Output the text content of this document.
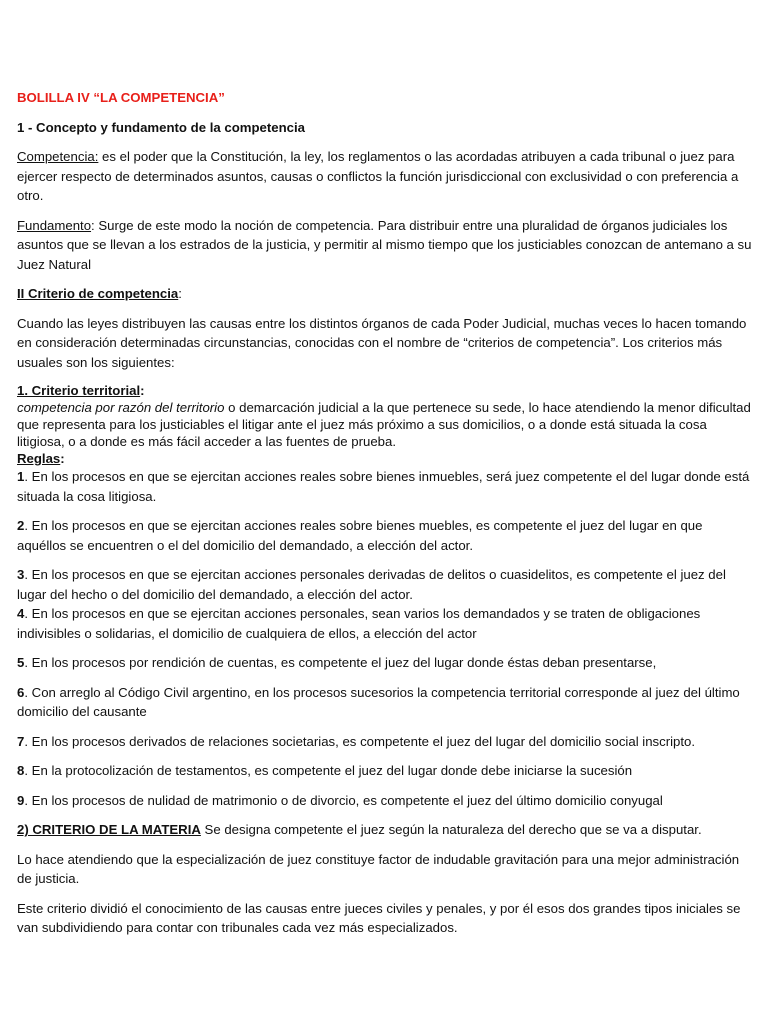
BOLILLA IV “LA COMPETENCIA”

1 - Concepto y fundamento de la competencia

Competencia: es el poder que la Constitución, la ley, los reglamentos o las acordadas atribuyen a cada tribunal o juez para ejercer respecto de determinados asuntos, causas o conflictos la función jurisdiccional con exclusividad o con preferencia a otro.

Fundamento: Surge de este modo la noción de competencia. Para distribuir entre una pluralidad de órganos judiciales los asuntos que se llevan a los estrados de la justicia, y permitir al mismo tiempo que los justiciables conozcan de antemano a su Juez Natural

II Criterio de competencia:

Cuando las leyes distribuyen las causas entre los distintos órganos de cada Poder Judicial, muchas veces lo hacen tomando en consideración determinadas circunstancias, conocidas con el nombre de “criterios de competencia”. Los criterios más usuales son los siguientes:

1. Criterio territorial:

competencia por razón del territorio o demarcación judicial a la que pertenece su sede, lo hace atendiendo la menor dificultad que representa para los justiciables el litigar ante el juez más próximo a sus domicilios, o a donde está situada la cosa litigiosa, o a donde es más fácil acceder a las fuentes de prueba.

Reglas:

1. En los procesos en que se ejercitan acciones reales sobre bienes inmuebles, será juez competente el del lugar donde está situada la cosa litigiosa.

2. En los procesos en que se ejercitan acciones reales sobre bienes muebles, es competente el juez del lugar en que aquéllos se encuentren o el del domicilio del demandado, a elección del actor.

3. En los procesos en que se ejercitan acciones personales derivadas de delitos o cuasidelitos, es competente el juez del lugar del hecho o del domicilio del demandado, a elección del actor.

4. En los procesos en que se ejercitan acciones personales, sean varios los demandados y se traten de obligaciones indivisibles o solidarias, el domicilio de cualquiera de ellos, a elección del actor

5. En los procesos por rendición de cuentas, es competente el juez del lugar donde éstas deban presentarse,

6. Con arreglo al Código Civil argentino, en los procesos sucesorios la competencia territorial corresponde al juez del último domicilio del causante

7. En los procesos derivados de relaciones societarias, es competente el juez del lugar del domicilio social inscripto.

8. En la protocolización de testamentos, es competente el juez del lugar donde debe iniciarse la sucesión

9. En los procesos de nulidad de matrimonio o de divorcio, es competente el juez del último domicilio conyugal

2) CRITERIO DE LA MATERIA Se designa competente el juez según la naturaleza del derecho que se va a disputar.

Lo hace atendiendo que la especialización de juez constituye factor de indudable gravitación para una mejor administración de justicia.

Este criterio dividió el conocimiento de las causas entre jueces civiles y penales, y por él esos dos grandes tipos iniciales se van subdividiendo para contar con tribunales cada vez más especializados.
